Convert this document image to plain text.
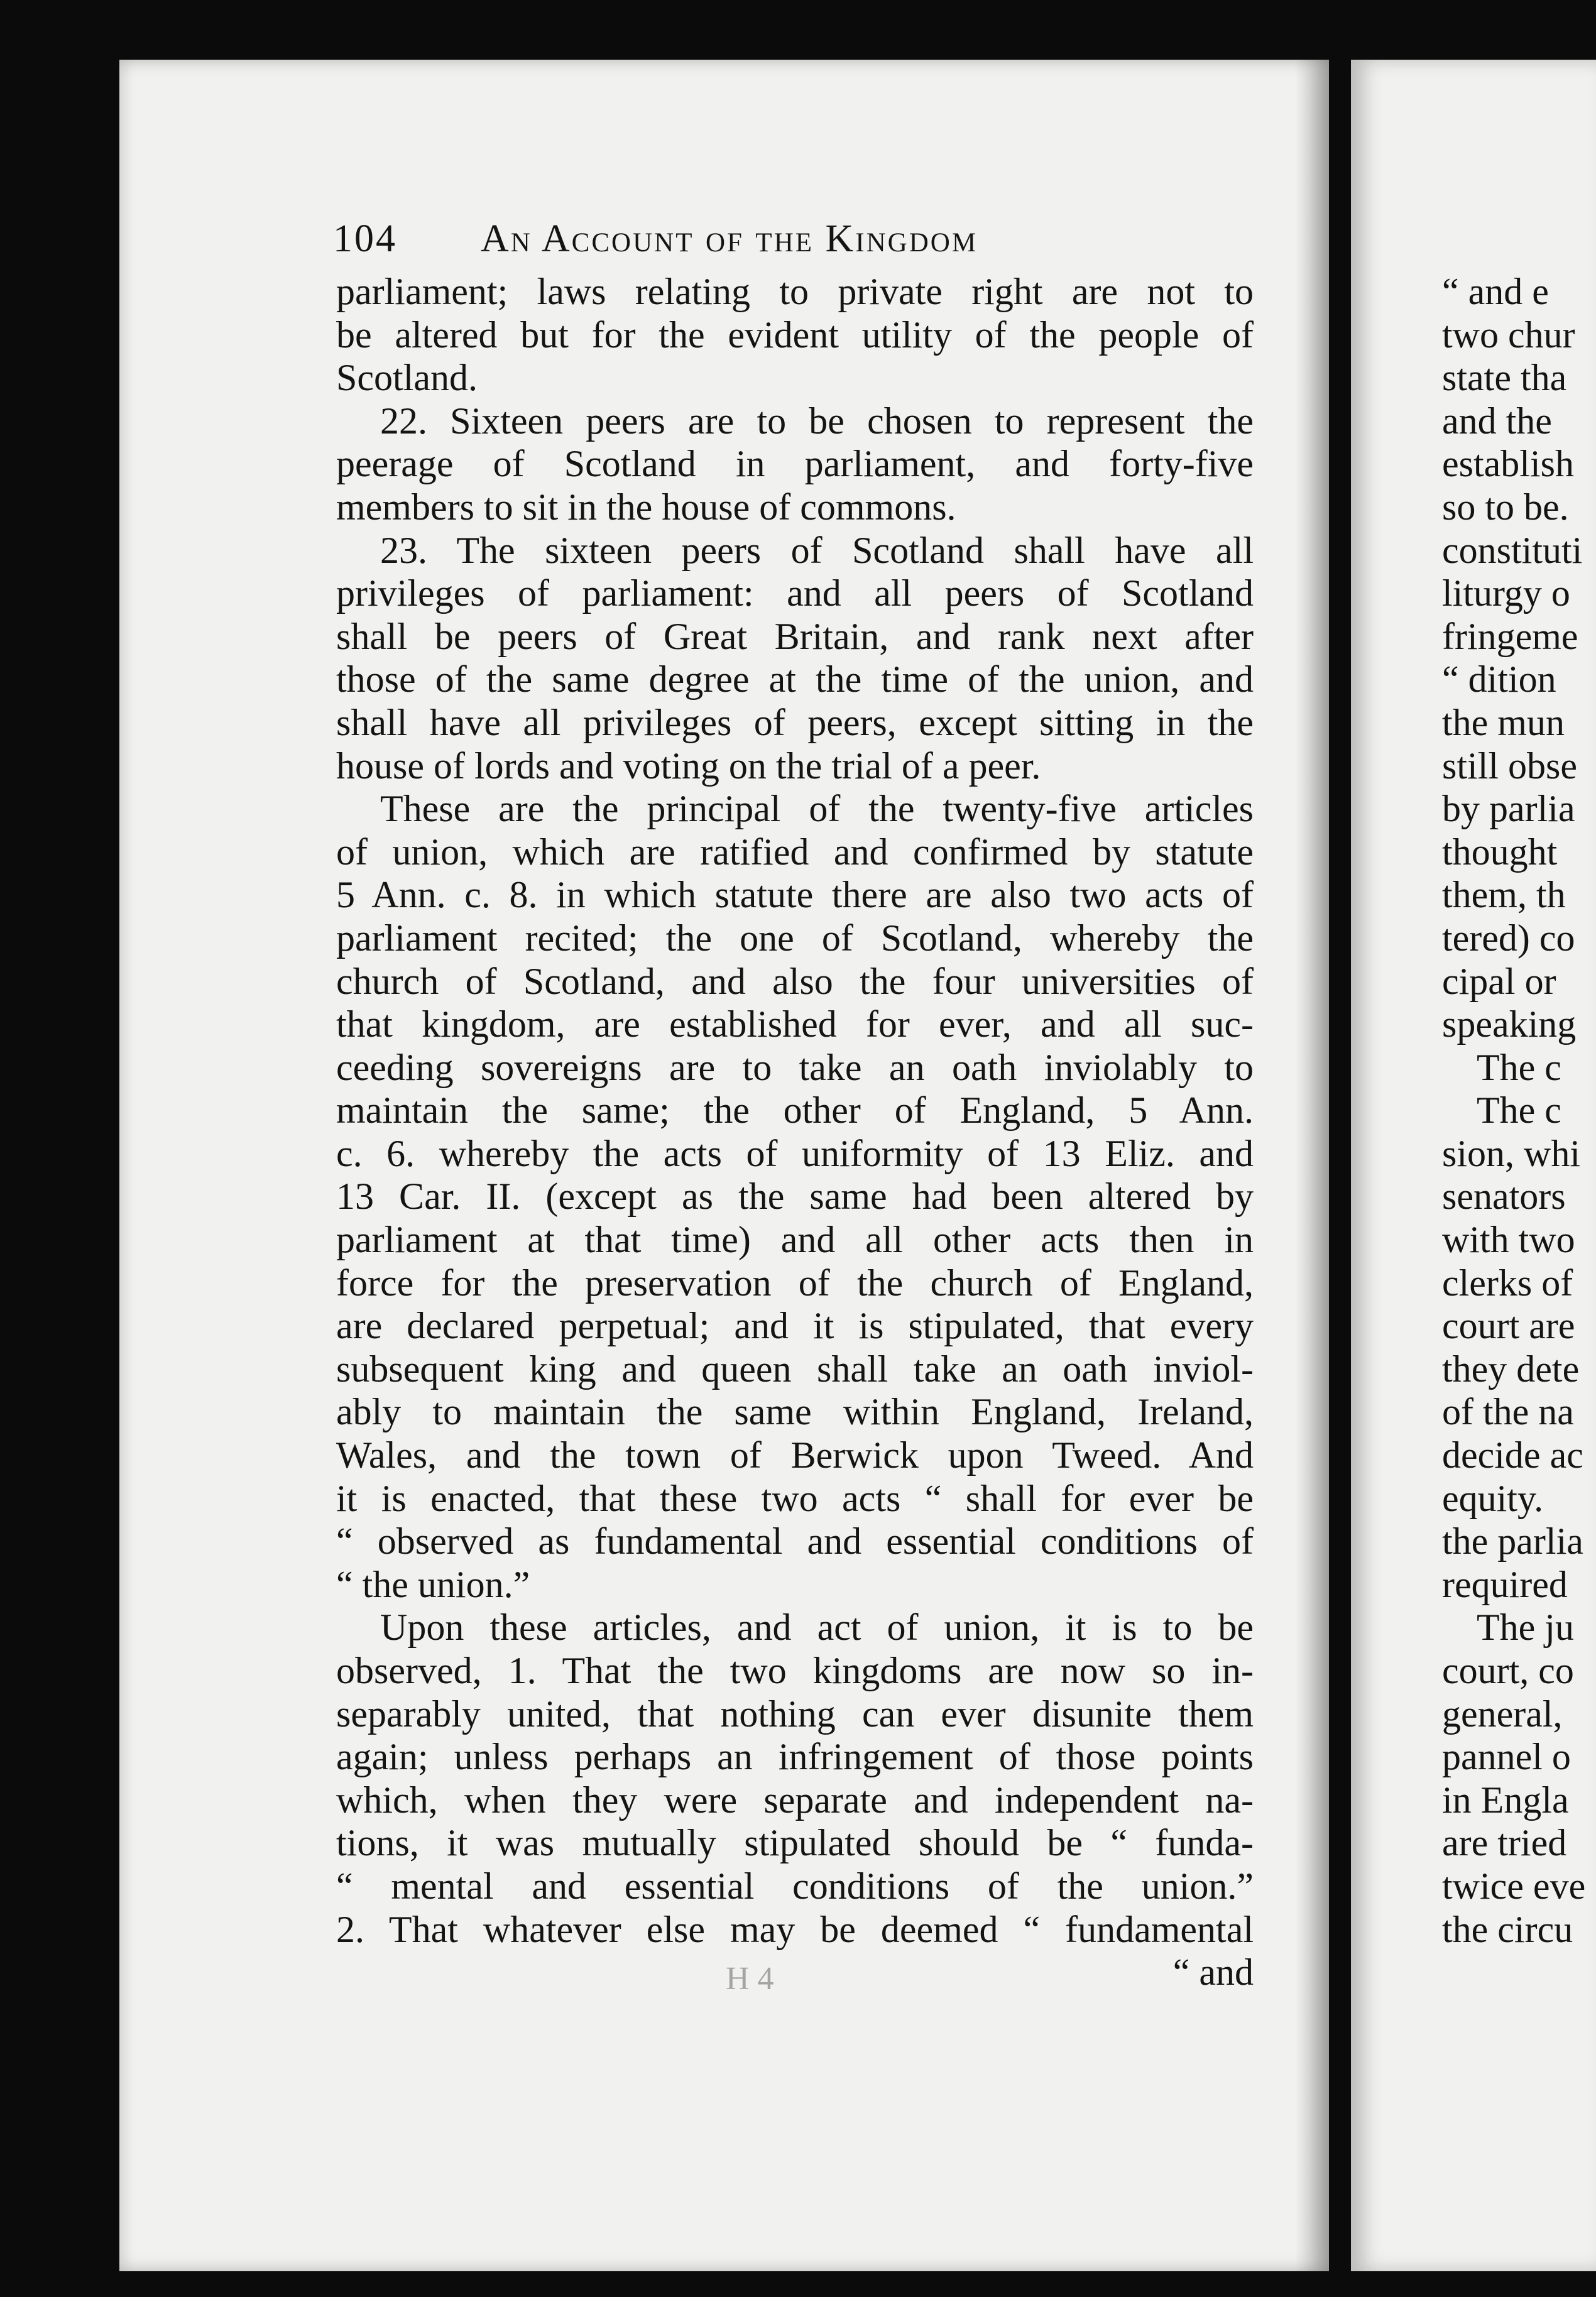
104 An Account of the Kingdom
parliament; laws relating to private right are not to
be altered but for the evident utility of the people of
Scotland.
22. Sixteen peers are to be chosen to represent the
peerage of Scotland in parliament, and forty-five
members to sit in the house of commons.
23. The sixteen peers of Scotland shall have all
privileges of parliament: and all peers of Scotland
shall be peers of Great Britain, and rank next after
those of the same degree at the time of the union, and
shall have all privileges of peers, except sitting in the
house of lords and voting on the trial of a peer.
These are the principal of the twenty-five articles
of union, which are ratified and confirmed by statute
5 Ann. c. 8. in which statute there are also two acts of
parliament recited; the one of Scotland, whereby the
church of Scotland, and also the four universities of
that kingdom, are established for ever, and all suc-
ceeding sovereigns are to take an oath inviolably to
maintain the same; the other of England, 5 Ann.
c. 6. whereby the acts of uniformity of 13 Eliz. and
13 Car. II. (except as the same had been altered by
parliament at that time) and all other acts then in
force for the preservation of the church of England,
are declared perpetual; and it is stipulated, that every
subsequent king and queen shall take an oath inviol-
ably to maintain the same within England, Ireland,
Wales, and the town of Berwick upon Tweed. And
it is enacted, that these two acts “ shall for ever be
“ observed as fundamental and essential conditions of
“ the union.”
Upon these articles, and act of union, it is to be
observed, 1. That the two kingdoms are now so in-
separably united, that nothing can ever disunite them
again; unless perhaps an infringement of those points
which, when they were separate and independent na-
tions, it was mutually stipulated should be “ funda-
“ mental and essential conditions of the union.”
2. That whatever else may be deemed “ fundamental
“ and
H 4
“ and e
two chur
state tha
and the
establish
so to be.
constituti
liturgy o
fringeme
“ dition
the mun
still obse
by parlia
thought
them, th
tered) co
cipal or
speaking
The c
The c
sion, whi
senators
with two
clerks of
court are
they dete
of the na
decide ac
equity.
the parlia
required
The ju
court, co
general,
pannel o
in Engla
are tried
twice eve
the circu
